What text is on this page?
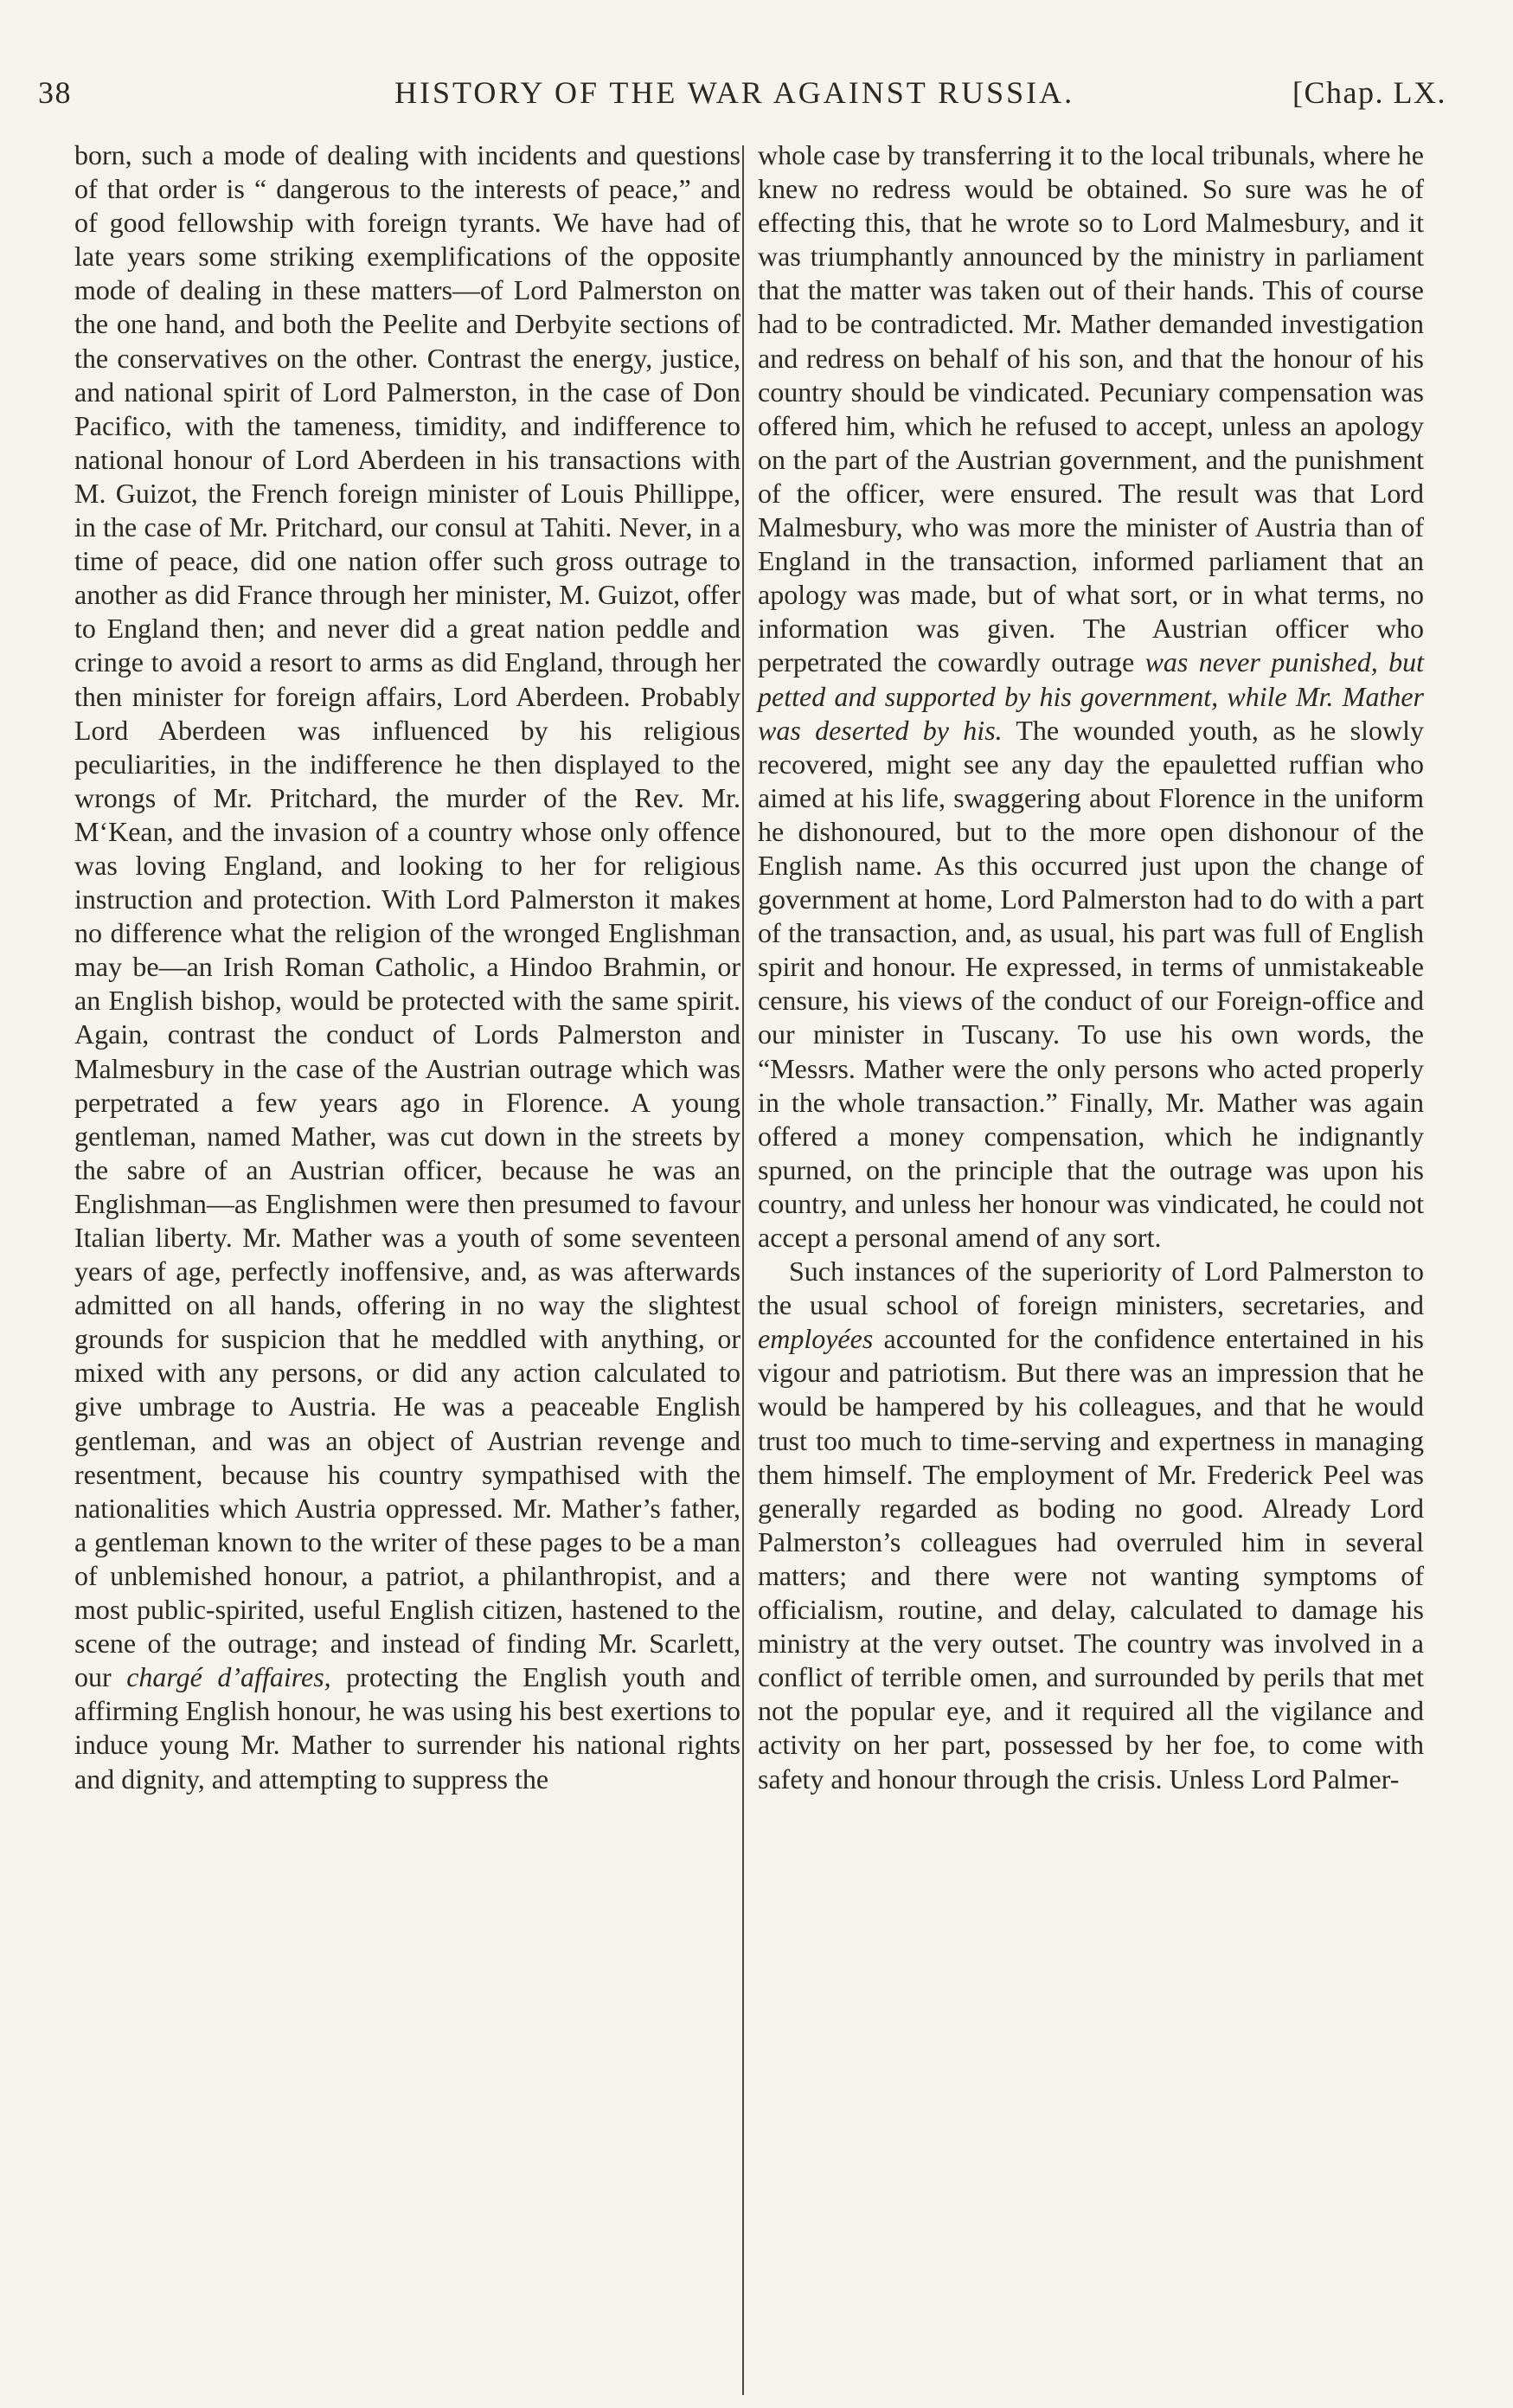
38	HISTORY OF THE WAR AGAINST RUSSIA.	[Chap. LX.

born, such a mode of dealing with incidents and questions of that order is “ dangerous to the interests of peace,” and of good fellowship with foreign tyrants. We have had of late years some striking exemplifications of the opposite mode of dealing in these matters—of Lord Palmerston on the one hand, and both the Peelite and Derbyite sections of the conservatives on the other. Contrast the energy, justice, and national spirit of Lord Palmerston, in the case of Don Pacifico, with the tameness, timidity, and indifference to national honour of Lord Aberdeen in his transactions with M. Guizot, the French foreign minister of Louis Phillippe, in the case of Mr. Pritchard, our consul at Tahiti. Never, in a time of peace, did one nation offer such gross outrage to another as did France through her minister, M. Guizot, offer to England then; and never did a great nation peddle and cringe to avoid a resort to arms as did England, through her then minister for foreign affairs, Lord Aberdeen. Probably Lord Aberdeen was influenced by his religious peculiarities, in the indifference he then displayed to the wrongs of Mr. Pritchard, the murder of the Rev. Mr. M‘Kean, and the invasion of a country whose only offence was loving England, and looking to her for religious instruction and protection. With Lord Palmerston it makes no difference what the religion of the wronged Englishman may be—an Irish Roman Catholic, a Hindoo Brahmin, or an English bishop, would be protected with the same spirit. Again, contrast the conduct of Lords Palmerston and Malmesbury in the case of the Austrian outrage which was perpetrated a few years ago in Florence. A young gentleman, named Mather, was cut down in the streets by the sabre of an Austrian officer, because he was an Englishman—as Englishmen were then presumed to favour Italian liberty. Mr. Mather was a youth of some seventeen years of age, perfectly inoffensive, and, as was afterwards admitted on all hands, offering in no way the slightest grounds for suspicion that he meddled with anything, or mixed with any persons, or did any action calculated to give umbrage to Austria. He was a peaceable English gentleman, and was an object of Austrian revenge and resentment, because his country sympathised with the nationalities which Austria oppressed. Mr. Mather’s father, a gentleman known to the writer of these pages to be a man of unblemished honour, a patriot, a philanthropist, and a most public-spirited, useful English citizen, hastened to the scene of the outrage; and instead of finding Mr. Scarlett, our chargé d’affaires, protecting the English youth and affirming English honour, he was using his best exertions to induce young Mr. Mather to surrender his national rights and dignity, and attempting to suppress the

whole case by transferring it to the local tribunals, where he knew no redress would be obtained. So sure was he of effecting this, that he wrote so to Lord Malmesbury, and it was triumphantly announced by the ministry in parliament that the matter was taken out of their hands. This of course had to be contradicted. Mr. Mather demanded investigation and redress on behalf of his son, and that the honour of his country should be vindicated. Pecuniary compensation was offered him, which he refused to accept, unless an apology on the part of the Austrian government, and the punishment of the officer, were ensured. The result was that Lord Malmesbury, who was more the minister of Austria than of England in the transaction, informed parliament that an apology was made, but of what sort, or in what terms, no information was given. The Austrian officer who perpetrated the cowardly outrage was never punished, but petted and supported by his government, while Mr. Mather was deserted by his. The wounded youth, as he slowly recovered, might see any day the epauletted ruffian who aimed at his life, swaggering about Florence in the uniform he dishonoured, but to the more open dishonour of the English name. As this occurred just upon the change of government at home, Lord Palmerston had to do with a part of the transaction, and, as usual, his part was full of English spirit and honour. He expressed, in terms of unmistakeable censure, his views of the conduct of our Foreign-office and our minister in Tuscany. To use his own words, the “Messrs. Mather were the only persons who acted properly in the whole transaction.” Finally, Mr. Mather was again offered a money compensation, which he indignantly spurned, on the principle that the outrage was upon his country, and unless her honour was vindicated, he could not accept a personal amend of any sort.

Such instances of the superiority of Lord Palmerston to the usual school of foreign ministers, secretaries, and employées accounted for the confidence entertained in his vigour and patriotism. But there was an impression that he would be hampered by his colleagues, and that he would trust too much to time-serving and expertness in managing them himself. The employment of Mr. Frederick Peel was generally regarded as boding no good. Already Lord Palmerston’s colleagues had overruled him in several matters; and there were not wanting symptoms of officialism, routine, and delay, calculated to damage his ministry at the very outset. The country was involved in a conflict of terrible omen, and surrounded by perils that met not the popular eye, and it required all the vigilance and activity on her part, possessed by her foe, to come with safety and honour through the crisis. Unless Lord Palmer-
